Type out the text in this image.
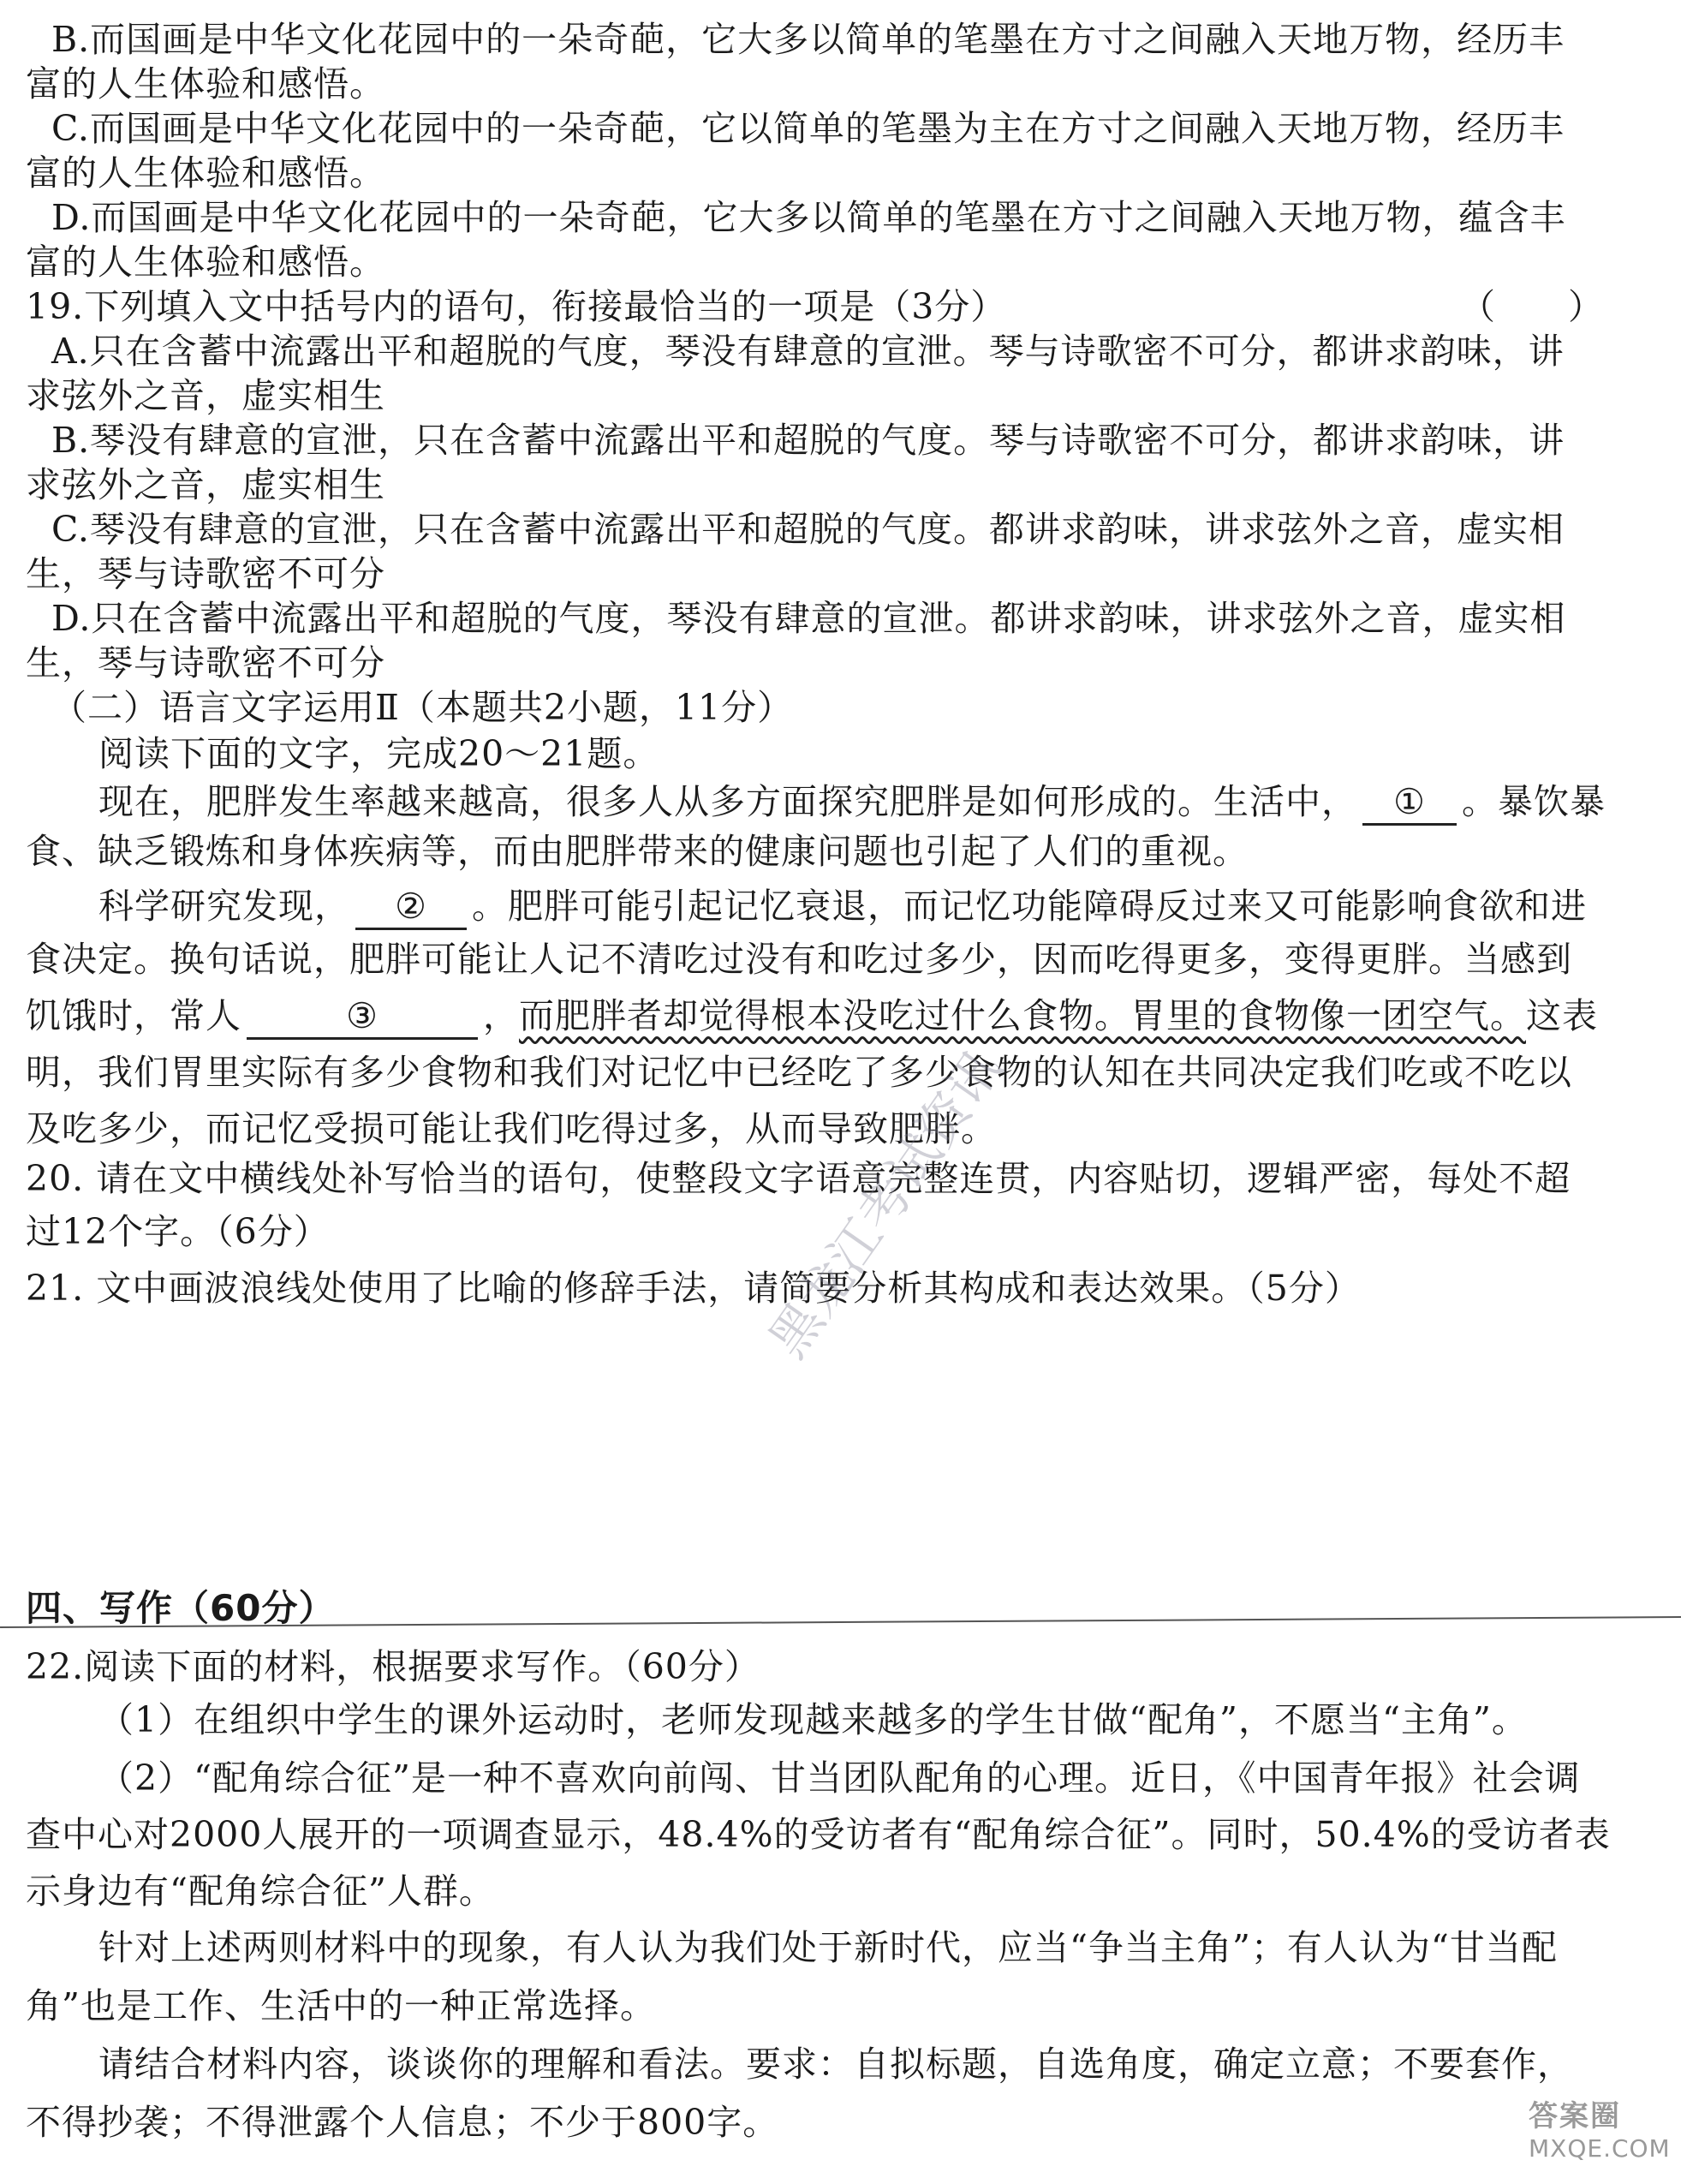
B.而国画是中华文化花园中的一朵奇葩，它大多以简单的笔墨在方寸之间融入天地万物，经历丰
富的人生体验和感悟。
C.而国画是中华文化花园中的一朵奇葩，它以简单的笔墨为主在方寸之间融入天地万物，经历丰
富的人生体验和感悟。
D.而国画是中华文化花园中的一朵奇葩，它大多以简单的笔墨在方寸之间融入天地万物，蕴含丰
富的人生体验和感悟。
19.下列填入文中括号内的语句，衔接最恰当的一项是（3分）	（　　）
A.只在含蓄中流露出平和超脱的气度，琴没有肆意的宣泄。琴与诗歌密不可分，都讲求韵味，讲
求弦外之音，虚实相生
B.琴没有肆意的宣泄，只在含蓄中流露出平和超脱的气度。琴与诗歌密不可分，都讲求韵味，讲
求弦外之音，虚实相生
C.琴没有肆意的宣泄，只在含蓄中流露出平和超脱的气度。都讲求韵味，讲求弦外之音，虚实相
生，琴与诗歌密不可分
D.只在含蓄中流露出平和超脱的气度，琴没有肆意的宣泄。都讲求韵味，讲求弦外之音，虚实相
生，琴与诗歌密不可分
（二）语言文字运用Ⅱ（本题共2小题，11分）
阅读下面的文字，完成20～21题。
现在，肥胖发生率越来越高，很多人从多方面探究肥胖是如何形成的。生活中， ① 。暴饮暴
食、缺乏锻炼和身体疾病等，而由肥胖带来的健康问题也引起了人们的重视。
科学研究发现， ② 。肥胖可能引起记忆衰退，而记忆功能障碍反过来又可能影响食欲和进
食决定。换句话说，肥胖可能让人记不清吃过没有和吃过多少，因而吃得更多，变得更胖。当感到
饥饿时，常人	③	，而肥胖者却觉得根本没吃过什么食物。胃里的食物像一团空气。这表
明，我们胃里实际有多少食物和我们对记忆中已经吃了多少食物的认知在共同决定我们吃或不吃以
及吃多少，而记忆受损可能让我们吃得过多，从而导致肥胖。
20. 请在文中横线处补写恰当的语句，使整段文字语意完整连贯，内容贴切，逻辑严密，每处不超
过12个字。（6分）
21. 文中画波浪线处使用了比喻的修辞手法，请简要分析其构成和表达效果。（5分）
四、写作（60分）
22.阅读下面的材料，根据要求写作。（60分）
（1）在组织中学生的课外运动时，老师发现越来越多的学生甘做“配角”，不愿当“主角”。
（2）“配角综合征”是一种不喜欢向前闯、甘当团队配角的心理。近日，《中国青年报》社会调
查中心对2000人展开的一项调查显示，48.4%的受访者有“配角综合征”。同时，50.4%的受访者表
示身边有“配角综合征”人群。
针对上述两则材料中的现象，有人认为我们处于新时代，应当“争当主角”；有人认为“甘当配
角”也是工作、生活中的一种正常选择。
请结合材料内容，谈谈你的理解和看法。要求：自拟标题，自选角度，确定立意；不要套作，
不得抄袭；不得泄露个人信息；不少于800字。
黑龙江考试资讯
答案圈
MXQE.COM
